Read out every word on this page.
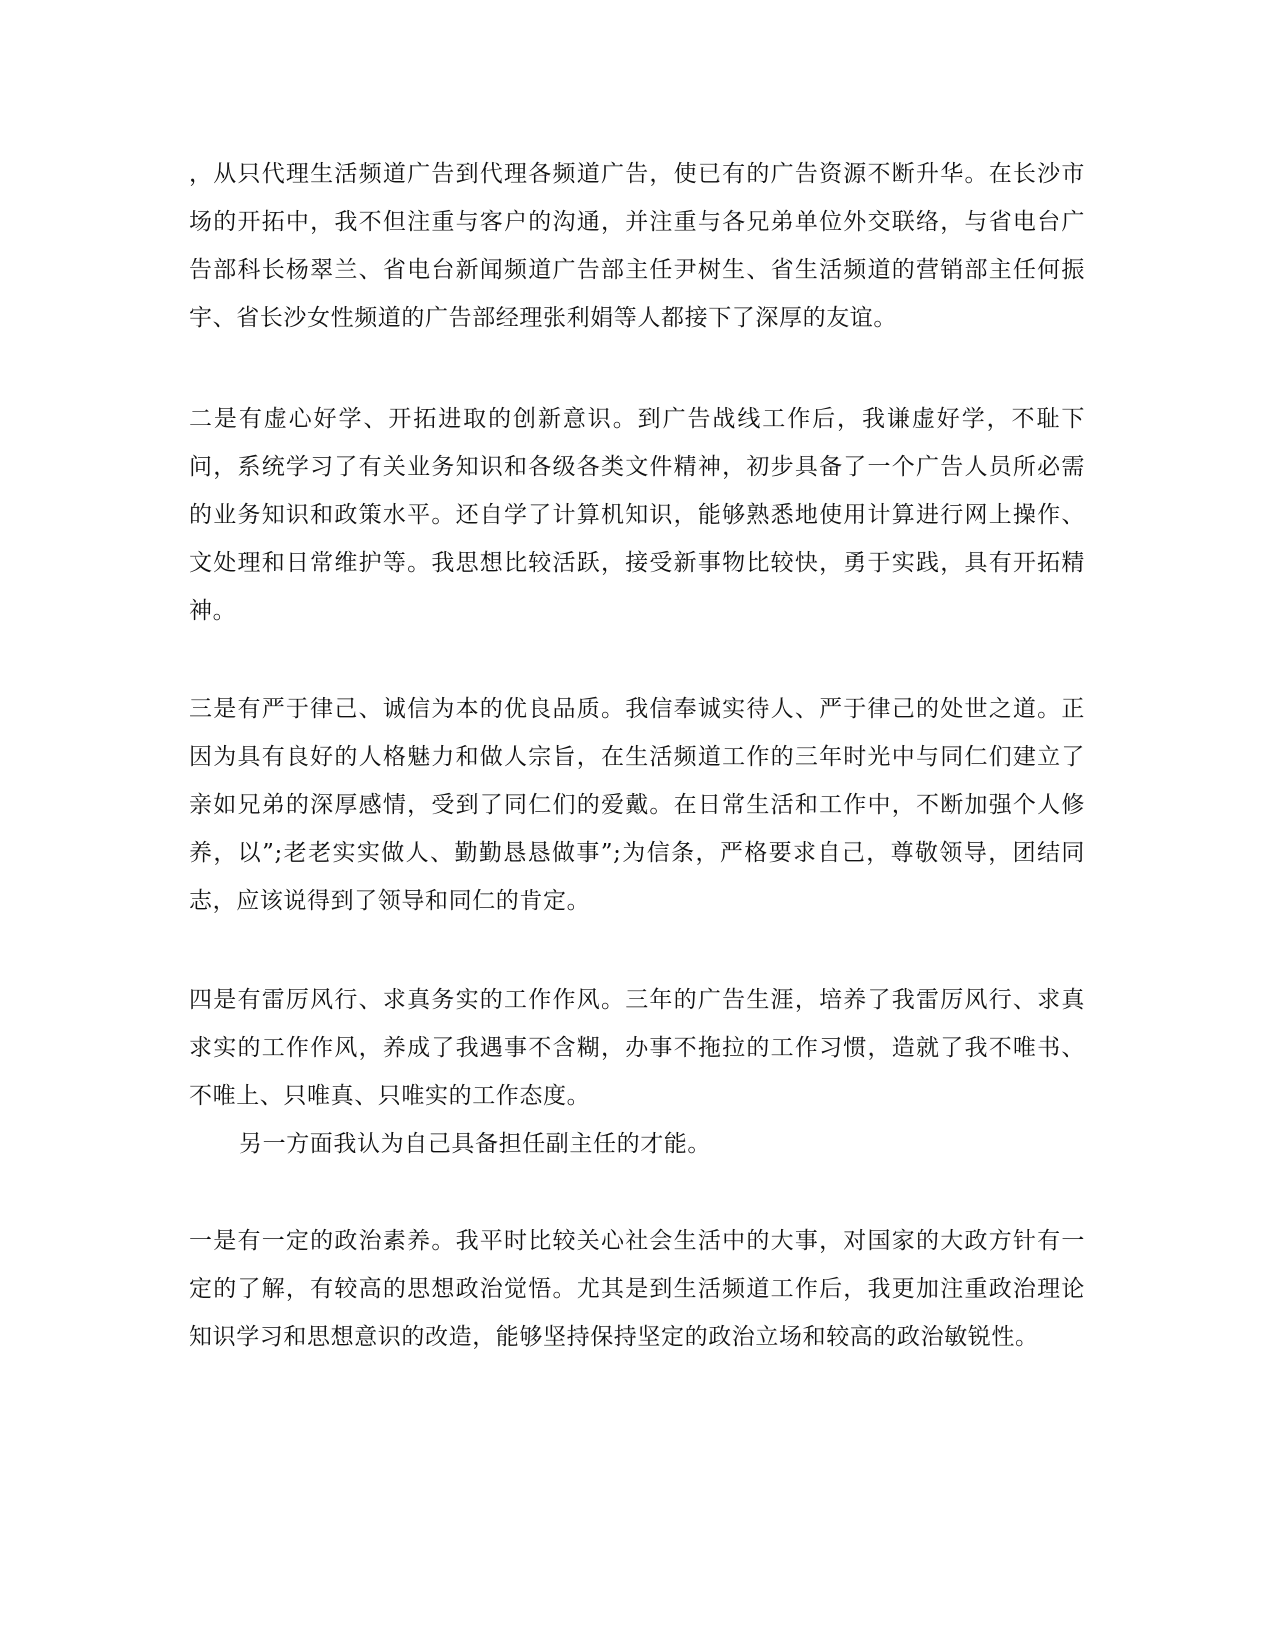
，从只代理生活频道广告到代理各频道广告，使已有的广告资源不断升华。在长沙市场的开拓中，我不但注重与客户的沟通，并注重与各兄弟单位外交联络，与省电台广告部科长杨翠兰、省电台新闻频道广告部主任尹树生、省生活频道的营销部主任何振宇、省长沙女性频道的广告部经理张利娟等人都接下了深厚的友谊。

二是有虚心好学、开拓进取的创新意识。到广告战线工作后，我谦虚好学，不耻下问，系统学习了有关业务知识和各级各类文件精神，初步具备了一个广告人员所必需的业务知识和政策水平。还自学了计算机知识，能够熟悉地使用计算进行网上操作、文处理和日常维护等。我思想比较活跃，接受新事物比较快，勇于实践，具有开拓精神。

三是有严于律己、诚信为本的优良品质。我信奉诚实待人、严于律己的处世之道。正因为具有良好的人格魅力和做人宗旨，在生活频道工作的三年时光中与同仁们建立了亲如兄弟的深厚感情，受到了同仁们的爱戴。在日常生活和工作中，不断加强个人修养，以”;老老实实做人、勤勤恳恳做事”;为信条，严格要求自己，尊敬领导，团结同志，应该说得到了领导和同仁的肯定。

四是有雷厉风行、求真务实的工作作风。三年的广告生涯，培养了我雷厉风行、求真求实的工作作风，养成了我遇事不含糊，办事不拖拉的工作习惯，造就了我不唯书、不唯上、只唯真、只唯实的工作态度。

另一方面我认为自己具备担任副主任的才能。

一是有一定的政治素养。我平时比较关心社会生活中的大事，对国家的大政方针有一定的了解，有较高的思想政治觉悟。尤其是到生活频道工作后，我更加注重政治理论知识学习和思想意识的改造，能够坚持保持坚定的政治立场和较高的政治敏锐性。
